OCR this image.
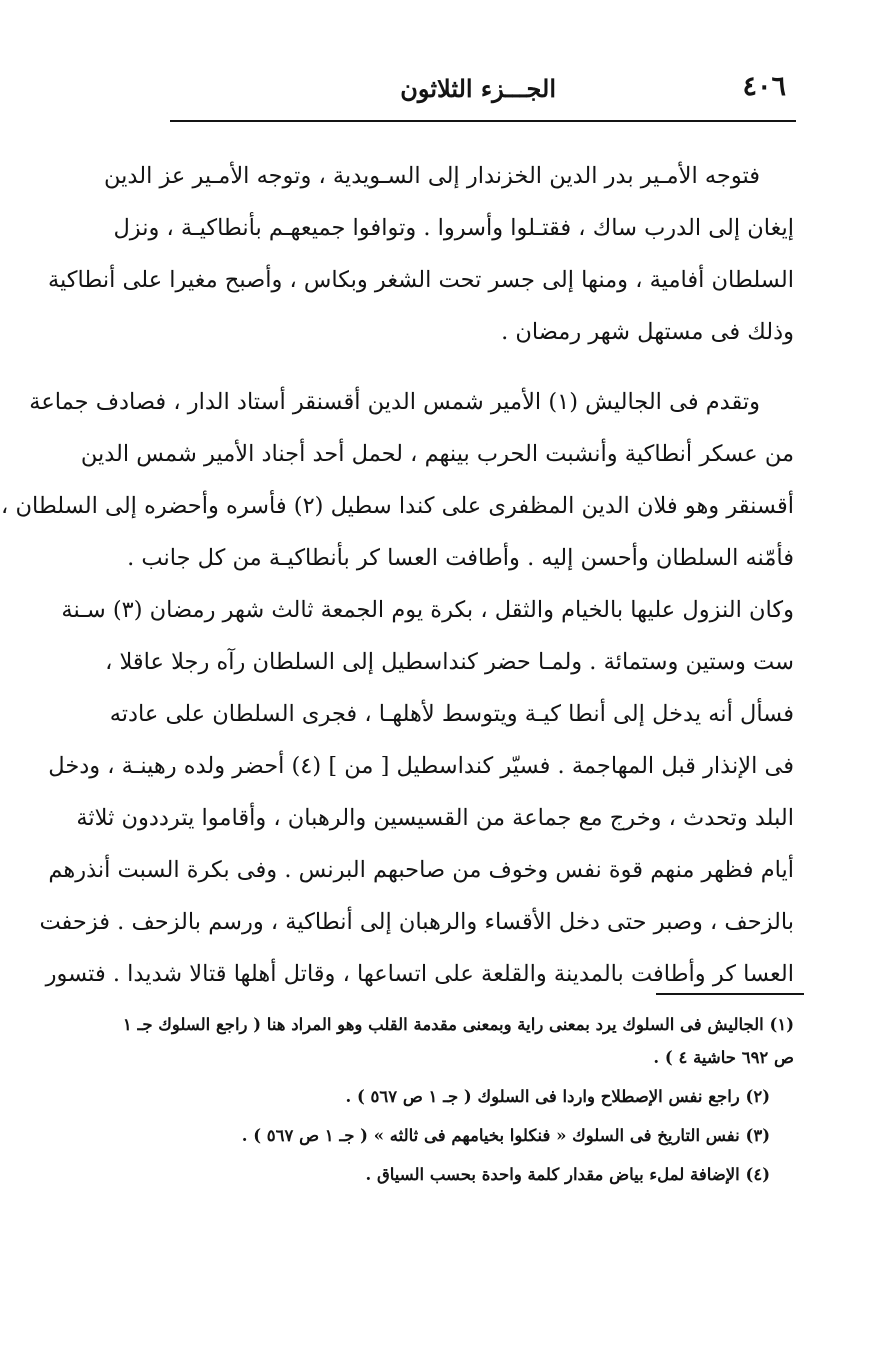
٤٠٦
الجـــزء الثلاثون
فتوجه الأمـير بدر الدين الخزندار إلى السـويدية ، وتوجه الأمـير عز الدين
إيغان إلى الدرب ساك ، فقتـلوا وأسروا . وتوافوا جميعهـم بأنطاكيـة ، ونزل
السلطان أفامية ، ومنها إلى جسر تحت الشغر وبكاس ، وأصبح مغيرا على أنطاكية
وذلك فى مستهل شهر رمضان .
وتقدم فى الجاليش (١) الأمير شمس الدين أقسنقر أستاد الدار ، فصادف جماعة
من عسكر أنطاكية وأنشبت الحرب بينهم ، لحمل أحد أجناد الأمير شمس الدين
أقسنقر وهو فلان الدين المظفرى على كندا سطيل (٢) فأسره وأحضره إلى السلطان ،
فأمّنه السلطان وأحسن إليه . وأطافت العسا كر بأنطاكيـة من كل جانب .
وكان النزول عليها بالخيام والثقل ، بكرة يوم الجمعة ثالث شهر رمضان (٣) سـنة
ست وستين وستمائة . ولمـا حضر كنداسطيل إلى السلطان رآه رجلا عاقلا ،
فسأل أنه يدخل إلى أنطا كيـة ويتوسط لأهلهـا ، فجرى السلطان على عادته
فى الإنذار قبل المهاجمة . فسيّر كنداسطيل [ من ] (٤) أحضر ولده رهينـة ، ودخل
البلد وتحدث ، وخرج مع جماعة من القسيسين والرهبان ، وأقاموا يترددون ثلاثة
أيام فظهر منهم قوة نفس وخوف من صاحبهم البرنس . وفى بكرة السبت أنذرهم
بالزحف ، وصبر حتى دخل الأقساء والرهبان إلى أنطاكية ، ورسم بالزحف . فزحفت
العسا كر وأطافت بالمدينة والقلعة على اتساعها ، وقاتل أهلها قتالا شديدا . فتسور
(١) الجاليش فى السلوك يرد بمعنى راية وبمعنى مقدمة القلب وهو المراد هنا ( راجع السلوك جـ ١
ص ٦٩٢ حاشية ٤ ) .
(٢) راجع نفس الإصطلاح واردا فى السلوك ( جـ ١ ص ٥٦٧ ) .
(٣) نفس التاريخ فى السلوك « فنكلوا بخيامهم فى ثالثه » ( جـ ١ ص ٥٦٧ ) .
(٤) الإضافة لملء بياض مقدار كلمة واحدة بحسب السياق .
